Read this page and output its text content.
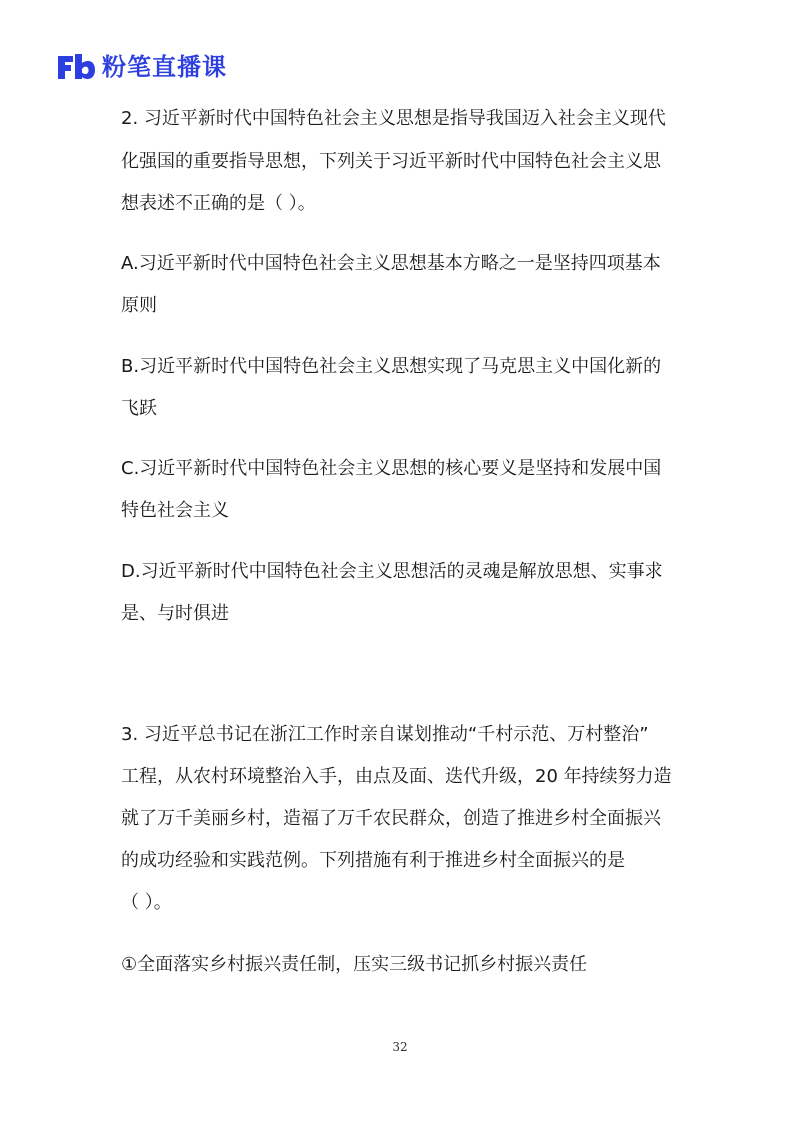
粉笔直播课
2. 习近平新时代中国特色社会主义思想是指导我国迈入社会主义现代
化强国的重要指导思想，下列关于习近平新时代中国特色社会主义思
想表述不正确的是（ ）。
A.习近平新时代中国特色社会主义思想基本方略之一是坚持四项基本
原则
B.习近平新时代中国特色社会主义思想实现了马克思主义中国化新的
飞跃
C.习近平新时代中国特色社会主义思想的核心要义是坚持和发展中国
特色社会主义
D.习近平新时代中国特色社会主义思想活的灵魂是解放思想、实事求
是、与时俱进
3. 习近平总书记在浙江工作时亲自谋划推动“千村示范、万村整治”
工程，从农村环境整治入手，由点及面、迭代升级，20 年持续努力造
就了万千美丽乡村，造福了万千农民群众，创造了推进乡村全面振兴
的成功经验和实践范例。下列措施有利于推进乡村全面振兴的是
（ ）。
①全面落实乡村振兴责任制，压实三级书记抓乡村振兴责任
32
